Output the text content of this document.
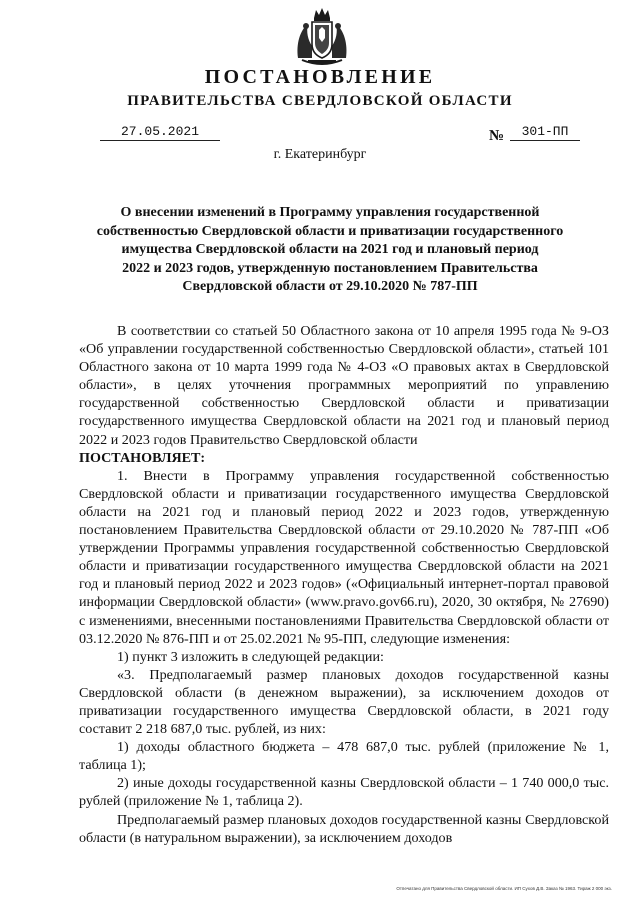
ПОСТАНОВЛЕНИЕ
ПРАВИТЕЛЬСТВА СВЕРДЛОВСКОЙ ОБЛАСТИ
27.05.2021	№	301-ПП
г. Екатеринбург
О внесении изменений в Программу управления государственной
собственностью Свердловской области и приватизации государственного
имущества Свердловской области на 2021 год и плановый период
2022 и 2023 годов, утвержденную постановлением Правительства
Свердловской области от 29.10.2020 № 787-ПП

В соответствии со статьей 50 Областного закона от 10 апреля 1995 года № 9-ОЗ «Об управлении государственной собственностью Свердловской области», статьей 101 Областного закона от 10 марта 1999 года № 4-ОЗ «О правовых актах в Свердловской области», в целях уточнения программных мероприятий по управлению государственной собственностью Свердловской области и приватизации государственного имущества Свердловской области на 2021 год и плановый период 2022 и 2023 годов Правительство Свердловской области

ПОСТАНОВЛЯЕТ:

1. Внести в Программу управления государственной собственностью Свердловской области и приватизации государственного имущества Свердловской области на 2021 год и плановый период 2022 и 2023 годов, утвержденную постановлением Правительства Свердловской области от 29.10.2020 № 787-ПП «Об утверждении Программы управления государственной собственностью Свердловской области и приватизации государственного имущества Свердловской области на 2021 год и плановый период 2022 и 2023 годов» («Официальный интернет-портал правовой информации Свердловской области» (www.pravo.gov66.ru), 2020, 30 октября, № 27690) с изменениями, внесенными постановлениями Правительства Свердловской области от 03.12.2020 № 876-ПП и от 25.02.2021 № 95-ПП, следующие изменения:

1) пункт 3 изложить в следующей редакции:

«3. Предполагаемый размер плановых доходов государственной казны Свердловской области (в денежном выражении), за исключением доходов от приватизации государственного имущества Свердловской области, в 2021 году составит 2 218 687,0 тыс. рублей, из них:

1) доходы областного бюджета – 478 687,0 тыс. рублей (приложение № 1, таблица 1);

2) иные доходы государственной казны Свердловской области – 1 740 000,0 тыс. рублей (приложение № 1, таблица 2).

Предполагаемый размер плановых доходов государственной казны Свердловской области (в натуральном выражении), за исключением доходов

Отпечатано для Правительства Свердловской области. ИП Сухов Д.В. Заказ № 1963. Тираж 2 000 экз.
